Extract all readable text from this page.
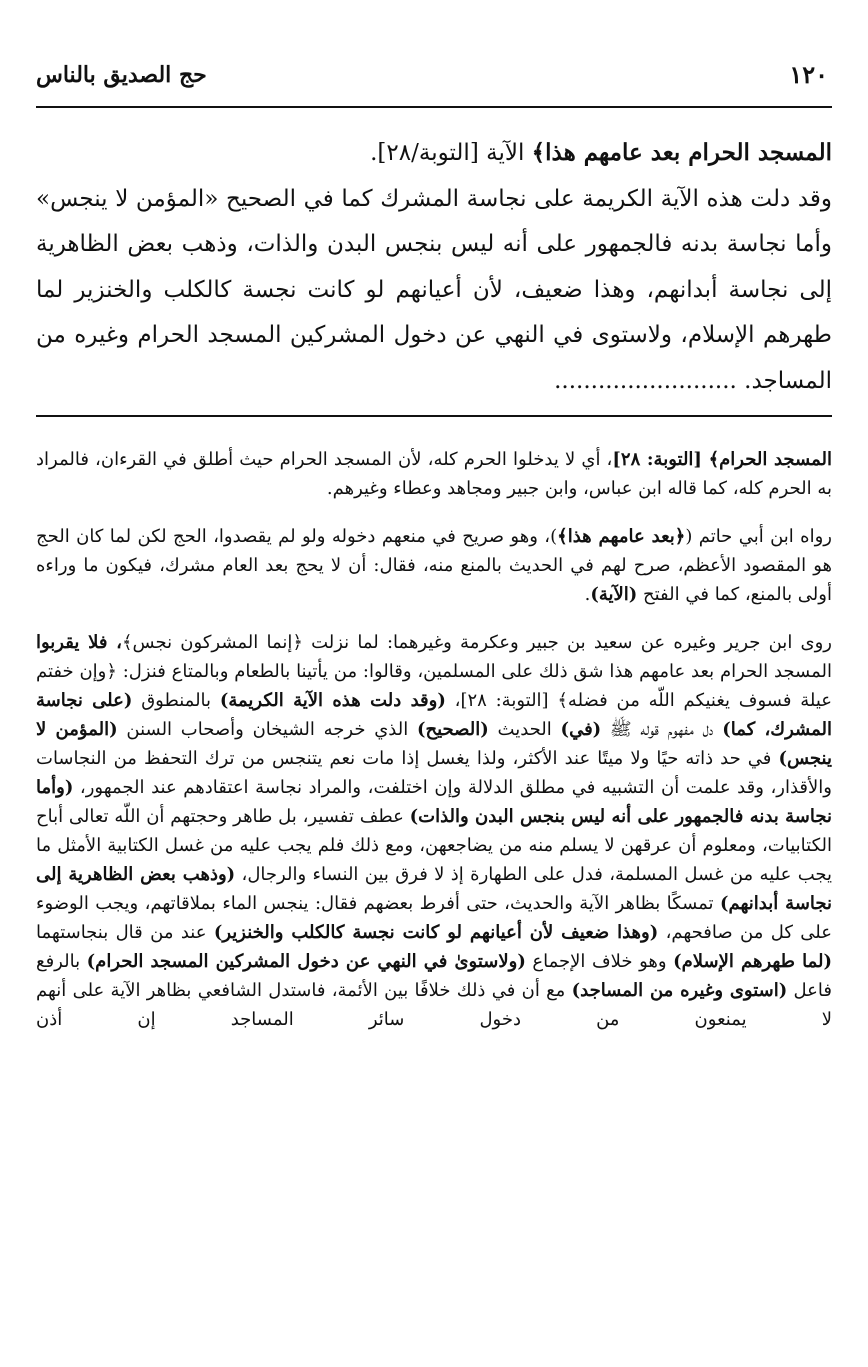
١٢٠
حج الصديق بالناس

المسجد الحرام بعد عامهم هذا﴾ الآية [التوبة/٢٨].

وقد دلت هذه الآية الكريمة على نجاسة المشرك كما في الصحيح «المؤمن لا ينجس» وأما نجاسة بدنه فالجمهور على أنه ليس بنجس البدن والذات، وذهب بعض الظاهرية إلى نجاسة أبدانهم، وهذا ضعيف، لأن أعيانهم لو كانت نجسة كالكلب والخنزير لما طهرهم الإسلام، ولاستوى في النهي عن دخول المشركين المسجد الحرام وغيره من المساجد. .........................

المسجد الحرام﴾ [التوبة: ٢٨]، أي لا يدخلوا الحرم كله، لأن المسجد الحرام حيث أطلق في القرءان، فالمراد به الحرم كله، كما قاله ابن عباس، وابن جبير ومجاهد وعطاء وغيرهم.

رواه ابن أبي حاتم (﴿بعد عامهم هذا﴾)، وهو صريح في منعهم دخوله ولو لم يقصدوا، الحج لكن لما كان الحج هو المقصود الأعظم، صرح لهم في الحديث بالمنع منه، فقال: أن لا يحج بعد العام مشرك، فيكون ما وراءه أولى بالمنع، كما في الفتح (الآية).

روى ابن جرير وغيره عن سعيد بن جبير وعكرمة وغيرهما: لما نزلت ﴿إنما المشركون نجس﴾، فلا يقربوا المسجد الحرام بعد عامهم هذا شق ذلك على المسلمين، وقالوا: من يأتينا بالطعام وبالمتاع فنزل: ﴿وإن خفتم عيلة فسوف يغنيكم اللّه من فضله﴾ [التوبة: ٢٨]، (وقد دلت هذه الآية الكريمة) بالمنطوق (على نجاسة المشرك، كما) دل مفهوم قوله ﷺ (في) الحديث (الصحيح) الذي خرجه الشيخان وأصحاب السنن (المؤمن لا ينجس) في حد ذاته حيًا ولا ميتًا عند الأكثر، ولذا يغسل إذا مات نعم يتنجس من ترك التحفظ من النجاسات والأقذار، وقد علمت أن التشبيه في مطلق الدلالة وإن اختلفت، والمراد نجاسة اعتقادهم عند الجمهور، (وأما نجاسة بدنه فالجمهور على أنه ليس بنجس البدن والذات) عطف تفسير، بل طاهر وحجتهم أن اللّه تعالى أباح الكتابيات، ومعلوم أن عرقهن لا يسلم منه من يضاجعهن، ومع ذلك فلم يجب عليه من غسل الكتابية الأمثل ما يجب عليه من غسل المسلمة، فدل على الطهارة إذ لا فرق بين النساء والرجال، (وذهب بعض الظاهرية إلى نجاسة أبدانهم) تمسكًا بظاهر الآية والحديث، حتى أفرط بعضهم فقال: ينجس الماء بملاقاتهم، ويجب الوضوء على كل من صافحهم، (وهذا ضعيف لأن أعيانهم لو كانت نجسة كالكلب والخنزير) عند من قال بنجاستهما (لما طهرهم الإسلام) وهو خلاف الإجماع (ولاستوىٰ في النهي عن دخول المشركين المسجد الحرام) بالرفع فاعل (استوى وغيره من المساجد) مع أن في ذلك خلافًا بين الأئمة، فاستدل الشافعي بظاهر الآية على أنهم لا يمنعون من دخول سائر المساجد إن أذن
